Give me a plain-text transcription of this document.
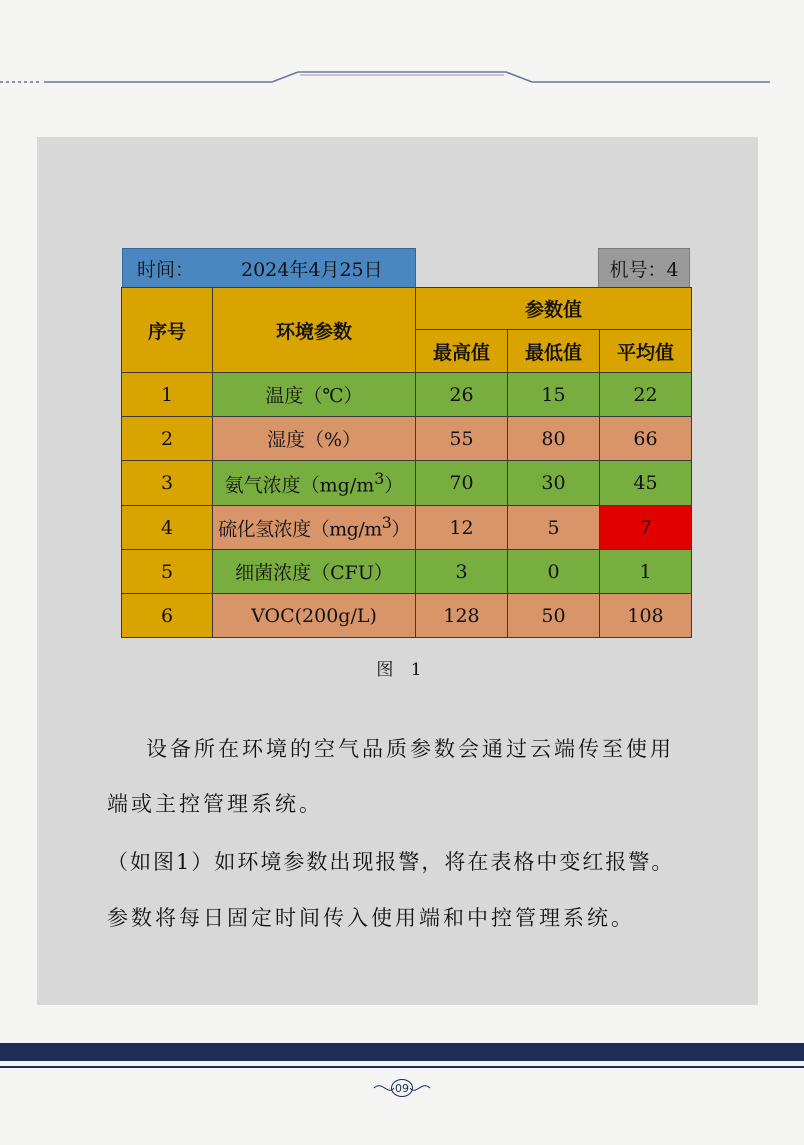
时间：	2024年4月25日	机号：4
序号	环境参数	参数值		
		最高值	最低值	平均值
1	温度（℃）	26	15	22
2	湿度（%）	55	80	66
3	氨气浓度$(mg/m^3)$	70	30	45
4	硫化氢浓度$(mg/m^3)$	12	5	7
5	细菌浓度（CFU）	3	0	1
6	VOC(200g/L)	128	50	108
图 1
设备所在环境的空气品质参数会通过云端传至使用
端或主控管理系统。
（如图1）如环境参数出现报警，将在表格中变红报警。
参数将每日固定时间传入使用端和中控管理系统。
09
